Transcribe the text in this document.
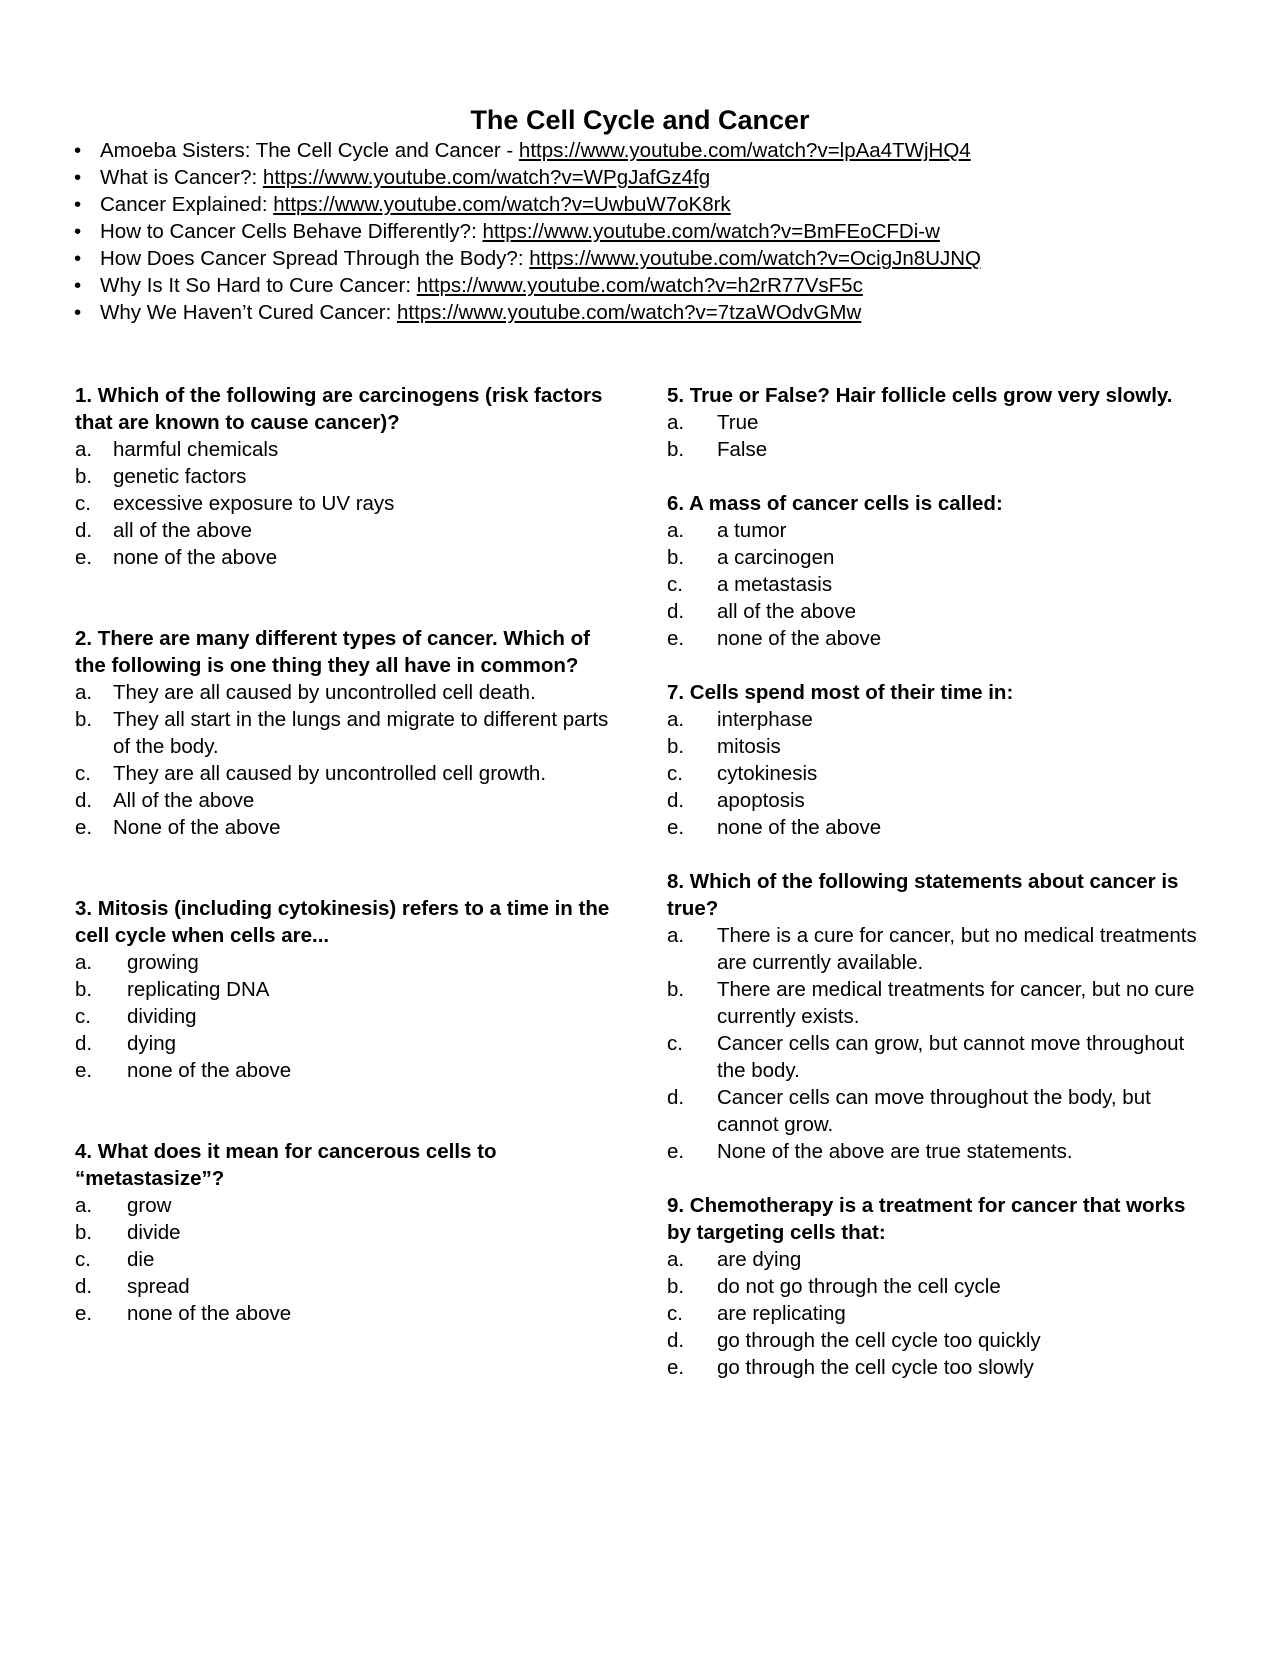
The Cell Cycle and Cancer
• Amoeba Sisters: The Cell Cycle and Cancer - https://www.youtube.com/watch?v=lpAa4TWjHQ4
• What is Cancer?: https://www.youtube.com/watch?v=WPgJafGz4fg
• Cancer Explained: https://www.youtube.com/watch?v=UwbuW7oK8rk
• How to Cancer Cells Behave Differently?: https://www.youtube.com/watch?v=BmFEoCFDi-w
• How Does Cancer Spread Through the Body?: https://www.youtube.com/watch?v=OcigJn8UJNQ
• Why Is It So Hard to Cure Cancer: https://www.youtube.com/watch?v=h2rR77VsF5c
• Why We Haven’t Cured Cancer: https://www.youtube.com/watch?v=7tzaWOdvGMw
1. Which of the following are carcinogens (risk factors that are known to cause cancer)?
a.	harmful chemicals
b.	genetic factors
c.	excessive exposure to UV rays
d.	all of the above
e.	none of the above
2. There are many different types of cancer. Which of the following is one thing they all have in common?
a.	They are all caused by uncontrolled cell death.
b.	They all start in the lungs and migrate to different parts of the body.
c.	They are all caused by uncontrolled cell growth.
d.	All of the above
e.	None of the above
3. Mitosis (including cytokinesis) refers to a time in the cell cycle when cells are...
a.	growing
b.	replicating DNA
c.	dividing
d.	dying
e.	none of the above
4. What does it mean for cancerous cells to “metastasize”?
a.	grow
b.	divide
c.	die
d.	spread
e.	none of the above
5. True or False? Hair follicle cells grow very slowly.
a.	True
b.	False
6. A mass of cancer cells is called:
a.	a tumor
b.	a carcinogen
c.	a metastasis
d.	all of the above
e.	none of the above
7. Cells spend most of their time in:
a.	interphase
b.	mitosis
c.	cytokinesis
d.	apoptosis
e.	none of the above
8. Which of the following statements about cancer is true?
a.	There is a cure for cancer, but no medical treatments are currently available.
b.	There are medical treatments for cancer, but no cure currently exists.
c.	Cancer cells can grow, but cannot move throughout the body.
d.	Cancer cells can move throughout the body, but cannot grow.
e.	None of the above are true statements.
9. Chemotherapy is a treatment for cancer that works by targeting cells that:
a.	are dying
b.	do not go through the cell cycle
c.	are replicating
d.	go through the cell cycle too quickly
e.	go through the cell cycle too slowly
